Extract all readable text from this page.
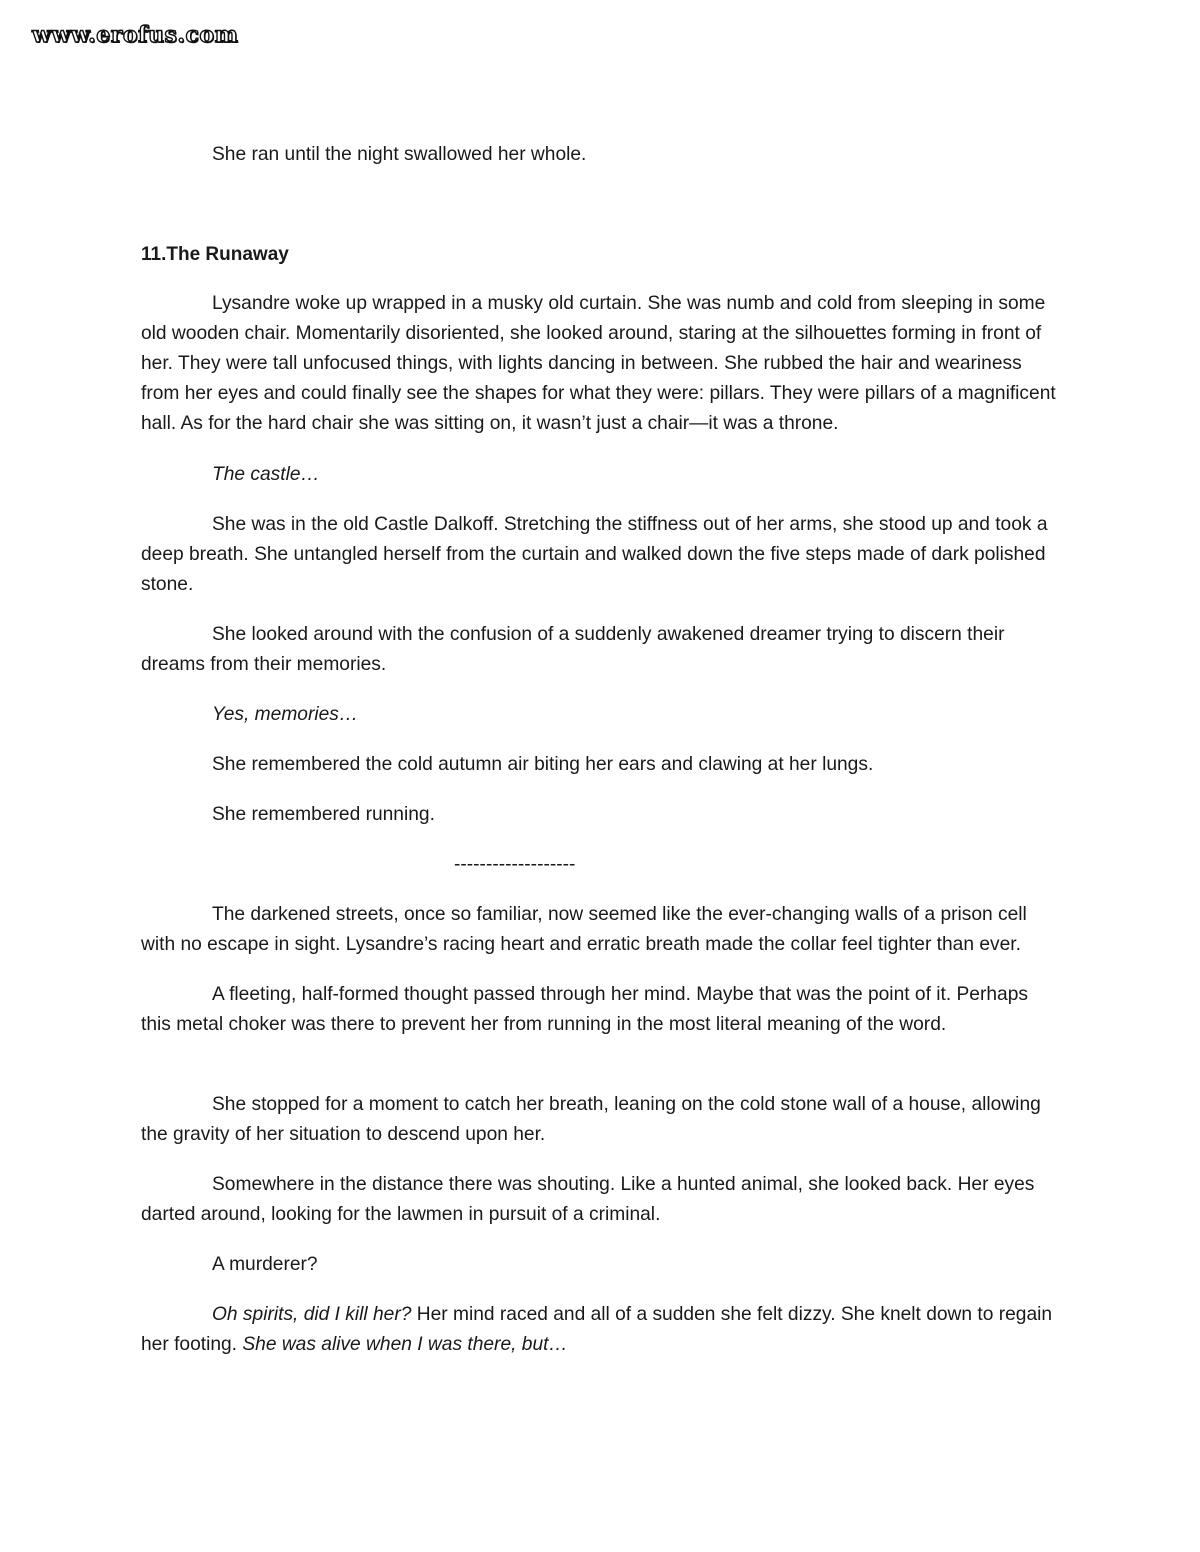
www.erofus.com

She ran until the night swallowed her whole.

11.The Runaway

Lysandre woke up wrapped in a musky old curtain. She was numb and cold from sleeping in some old wooden chair. Momentarily disoriented, she looked around, staring at the silhouettes forming in front of her. They were tall unfocused things, with lights dancing in between. She rubbed the hair and weariness from her eyes and could finally see the shapes for what they were: pillars. They were pillars of a magnificent hall. As for the hard chair she was sitting on, it wasn’t just a chair—it was a throne.

The castle…

She was in the old Castle Dalkoff. Stretching the stiffness out of her arms, she stood up and took a deep breath. She untangled herself from the curtain and walked down the five steps made of dark polished stone.

She looked around with the confusion of a suddenly awakened dreamer trying to discern their dreams from their memories.

Yes, memories…

She remembered the cold autumn air biting her ears and clawing at her lungs.

She remembered running.

-------------------

The darkened streets, once so familiar, now seemed like the ever-changing walls of a prison cell with no escape in sight. Lysandre’s racing heart and erratic breath made the collar feel tighter than ever.

A fleeting, half-formed thought passed through her mind. Maybe that was the point of it. Perhaps this metal choker was there to prevent her from running in the most literal meaning of the word.

She stopped for a moment to catch her breath, leaning on the cold stone wall of a house, allowing the gravity of her situation to descend upon her.

Somewhere in the distance there was shouting. Like a hunted animal, she looked back. Her eyes darted around, looking for the lawmen in pursuit of a criminal.

A murderer?

Oh spirits, did I kill her? Her mind raced and all of a sudden she felt dizzy. She knelt down to regain her footing. She was alive when I was there, but…
